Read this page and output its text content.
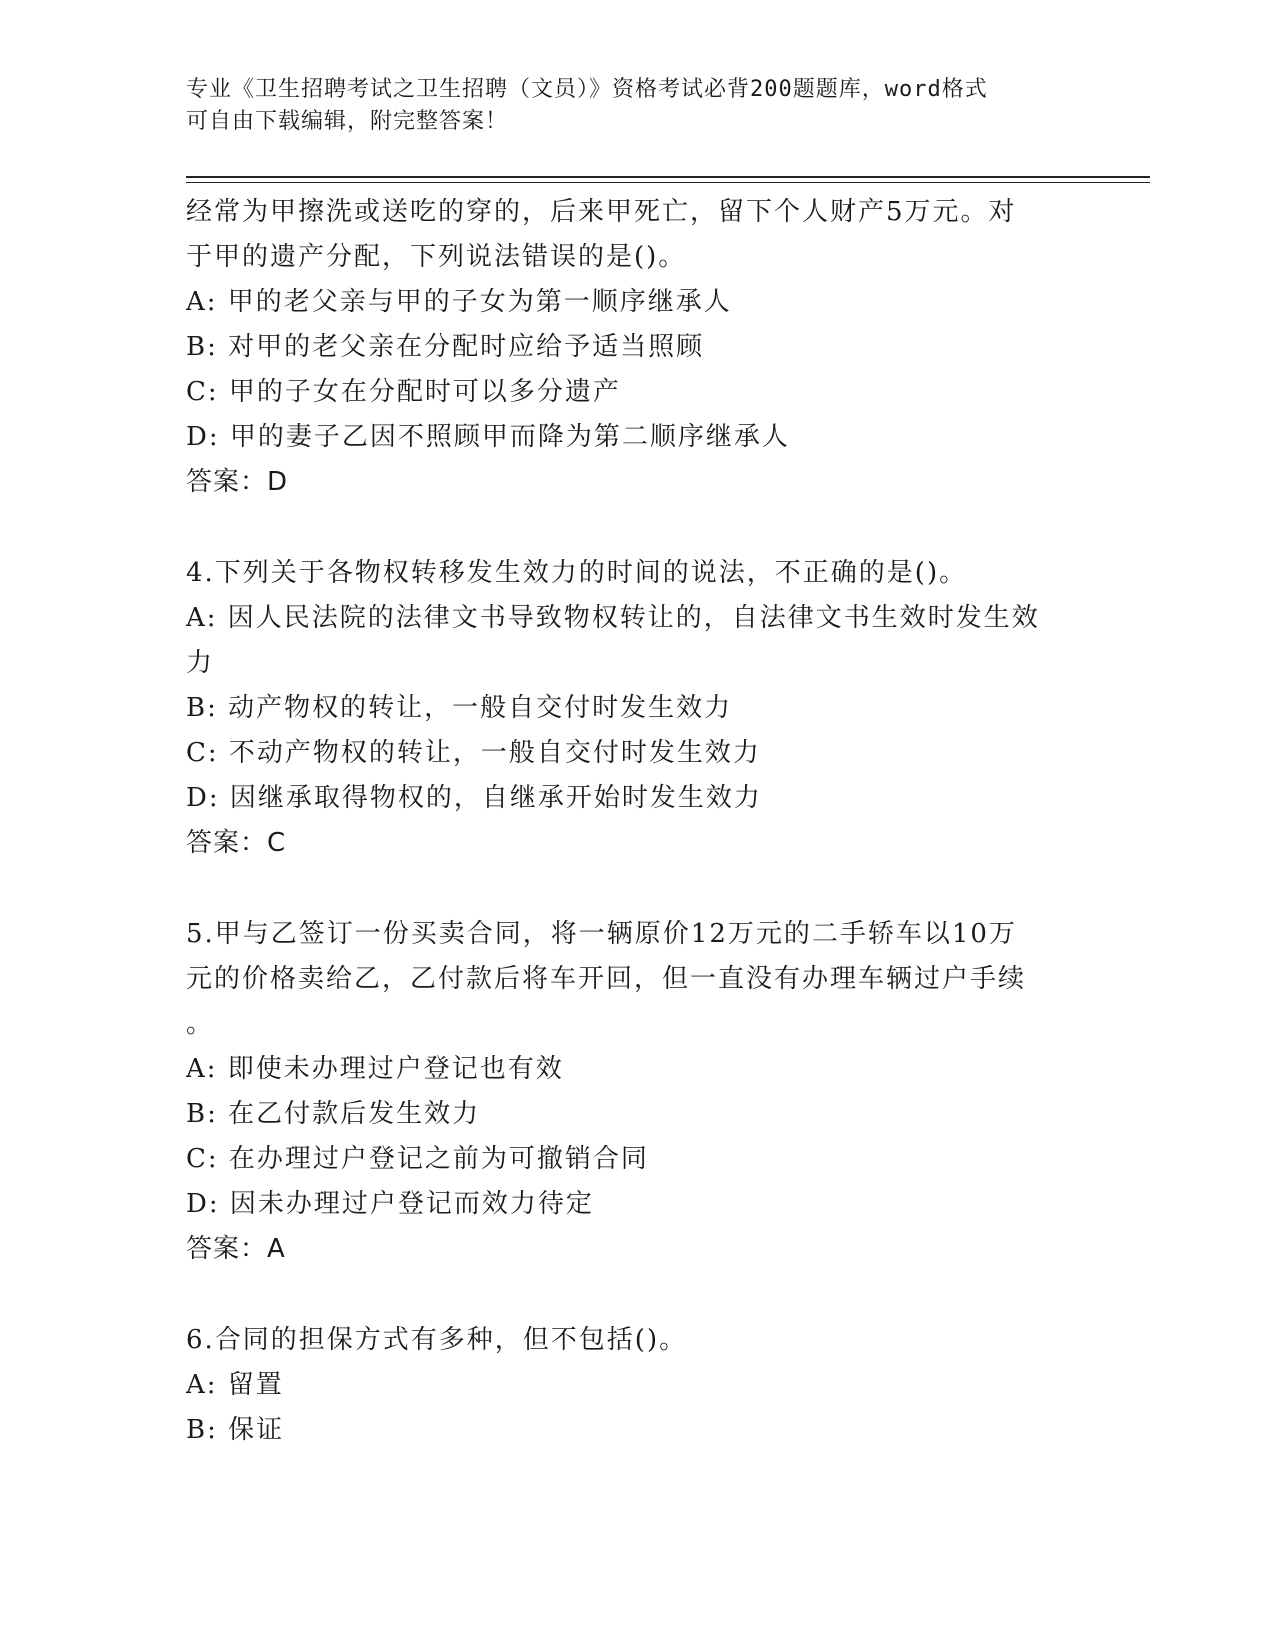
专业《卫生招聘考试之卫生招聘（文员）》资格考试必背200题题库，word格式
可自由下载编辑，附完整答案！
经常为甲擦洗或送吃的穿的，后来甲死亡，留下个人财产5万元。对
于甲的遗产分配，下列说法错误的是()。
A: 甲的老父亲与甲的子女为第一顺序继承人
B: 对甲的老父亲在分配时应给予适当照顾
C: 甲的子女在分配时可以多分遗产
D: 甲的妻子乙因不照顾甲而降为第二顺序继承人
答案：D
4.下列关于各物权转移发生效力的时间的说法，不正确的是()。
A: 因人民法院的法律文书导致物权转让的，自法律文书生效时发生效
力
B: 动产物权的转让，一般自交付时发生效力
C: 不动产物权的转让，一般自交付时发生效力
D: 因继承取得物权的，自继承开始时发生效力
答案：C
5.甲与乙签订一份买卖合同，将一辆原价12万元的二手轿车以10万
元的价格卖给乙，乙付款后将车开回，但一直没有办理车辆过户手续
。
A: 即使未办理过户登记也有效
B: 在乙付款后发生效力
C: 在办理过户登记之前为可撤销合同
D: 因未办理过户登记而效力待定
答案：A
6.合同的担保方式有多种，但不包括()。
A: 留置
B: 保证
